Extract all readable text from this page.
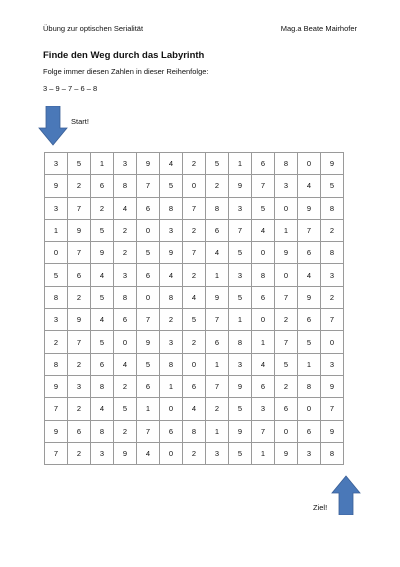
Übung zur optischen Serialität	Mag.a Beate Mairhofer
Finde den Weg durch das Labyrinth
Folge immer diesen Zahlen in dieser Reihenfolge:
3 – 9 – 7 – 6 – 8
Start!
3	5	1	3	9	4	2	5	1	6	8	0	9
9	2	6	8	7	5	0	2	9	7	3	4	5
3	7	2	4	6	8	7	8	3	5	0	9	8
1	9	5	2	0	3	2	6	7	4	1	7	2
0	7	9	2	5	9	7	4	5	0	9	6	8
5	6	4	3	6	4	2	1	3	8	0	4	3
8	2	5	8	0	8	4	9	5	6	7	9	2
3	9	4	6	7	2	5	7	1	0	2	6	7
2	7	5	0	9	3	2	6	8	1	7	5	0
8	2	6	4	5	8	0	1	3	4	5	1	3
9	3	8	2	6	1	6	7	9	6	2	8	9
7	2	4	5	1	0	4	2	5	3	6	0	7
9	6	8	2	7	6	8	1	9	7	0	6	9
7	2	3	9	4	0	2	3	5	1	9	3	8
Ziel!
